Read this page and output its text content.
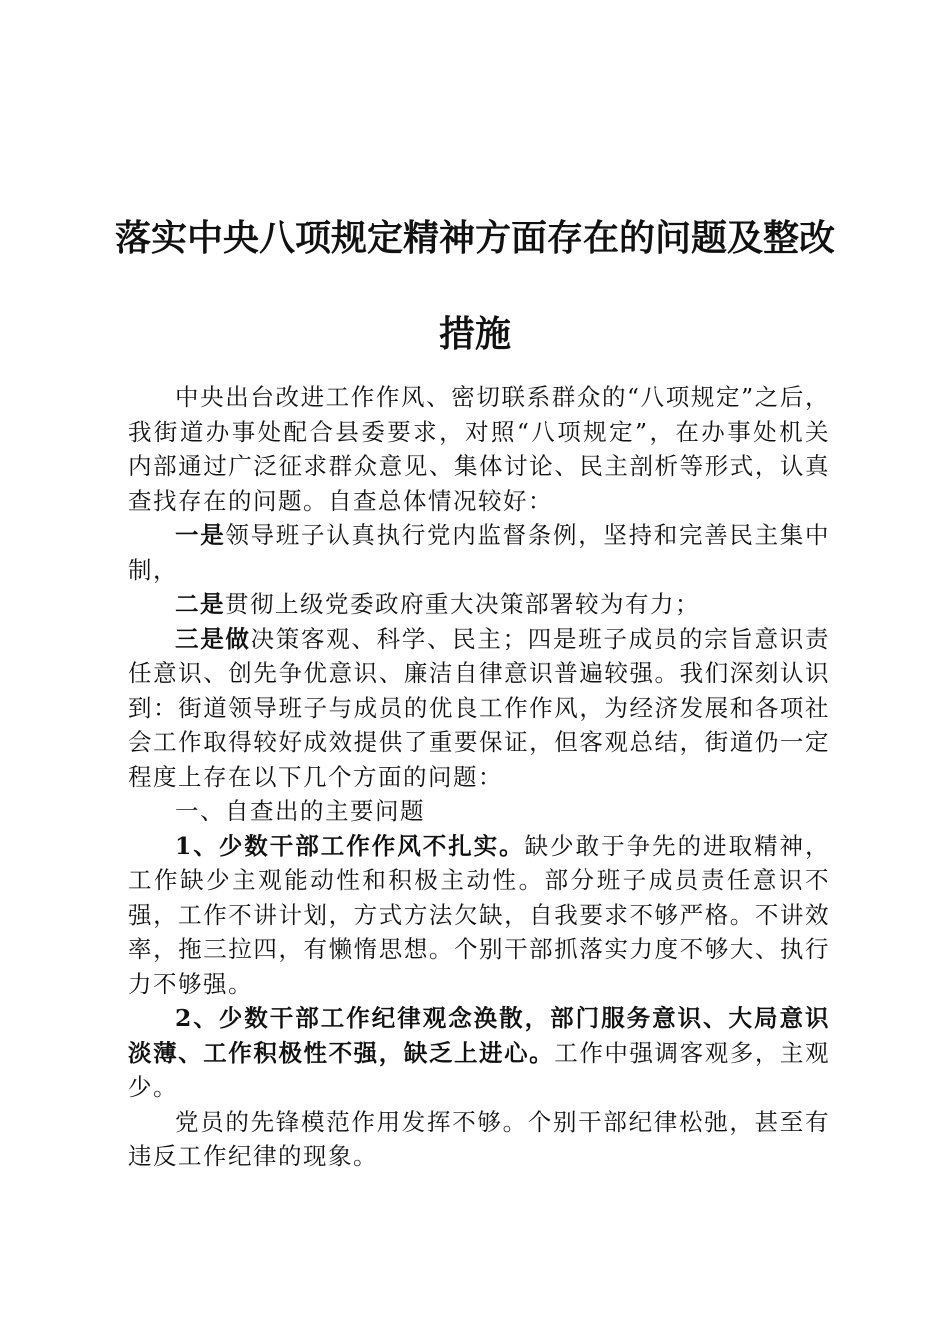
落实中央八项规定精神方面存在的问题及整改
措施

中央出台改进工作作风、密切联系群众的“八项规定”之后，我街道办事处配合县委要求，对照“八项规定”，在办事处机关内部通过广泛征求群众意见、集体讨论、民主剖析等形式，认真查找存在的问题。自查总体情况较好：

一是领导班子认真执行党内监督条例，坚持和完善民主集中制，

二是贯彻上级党委政府重大决策部署较为有力；

三是做决策客观、科学、民主；四是班子成员的宗旨意识责任意识、创先争优意识、廉洁自律意识普遍较强。我们深刻认识到：街道领导班子与成员的优良工作作风，为经济发展和各项社会工作取得较好成效提供了重要保证，但客观总结，街道仍一定程度上存在以下几个方面的问题：

一、自查出的主要问题

1、少数干部工作作风不扎实。缺少敢于争先的进取精神，工作缺少主观能动性和积极主动性。部分班子成员责任意识不强，工作不讲计划，方式方法欠缺，自我要求不够严格。不讲效率，拖三拉四，有懒惰思想。个别干部抓落实力度不够大、执行力不够强。

2、少数干部工作纪律观念涣散，部门服务意识、大局意识淡薄、工作积极性不强，缺乏上进心。工作中强调客观多，主观少。

党员的先锋模范作用发挥不够。个别干部纪律松弛，甚至有违反工作纪律的现象。
